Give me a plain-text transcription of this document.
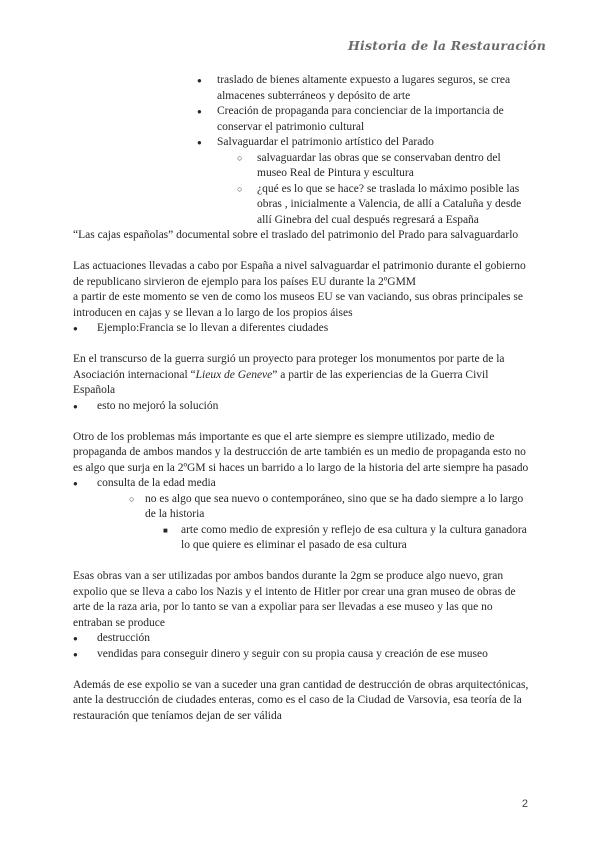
Historia de la Restauración
● traslado de bienes altamente expuesto a lugares seguros, se crea almacenes subterráneos y depósito de arte
● Creación de propaganda para concienciar de la importancia de conservar el patrimonio cultural
● Salvaguardar el patrimonio artístico del Parado
○ salvaguardar las obras que se conservaban dentro del museo Real de Pintura y escultura
○ ¿qué es lo que se hace? se traslada lo máximo posible las obras , inicialmente a Valencia, de allí a Cataluña y desde allí Ginebra del cual después regresará a España

“Las cajas españolas” documental sobre el traslado del patrimonio del Prado para salvaguardarlo

Las actuaciones llevadas a cabo por España a nivel salvaguardar el patrimonio durante el gobierno de republicano sirvieron de ejemplo para los países EU durante la 2ºGMM

a partir de este momento se ven de como los museos EU se van vaciando, sus obras principales se introducen en cajas y se llevan a lo largo de los propios áises

● Ejemplo:Francia se lo llevan a diferentes ciudades

En el transcurso de la guerra surgió un proyecto para proteger los monumentos por parte de la Asociación internacional “Lieux de Geneve” a partir de las experiencias de la Guerra Civil Española

● esto no mejoró la solución

Otro de los problemas más importante es que el arte siempre es siempre utilizado, medio de propaganda de ambos mandos y la destrucción de arte también es un medio de propaganda esto no es algo que surja en la 2ºGM si haces un barrido a lo largo de la historia del arte siempre ha pasado

● consulta de la edad media
○ no es algo que sea nuevo o contemporáneo, sino que se ha dado siempre a lo largo de la historia
■ arte como medio de expresión y reflejo de esa cultura y la cultura ganadora lo que quiere es eliminar el pasado de esa cultura

Esas obras van a ser utilizadas por ambos bandos durante la 2gm se produce algo nuevo, gran expolio que se lleva a cabo los Nazis y el intento de Hitler por crear una gran museo de obras de arte de la raza aria, por lo tanto se van a expoliar para ser llevadas a ese museo y las que no entraban se produce

● destrucción
● vendidas para conseguir dinero y seguir con su propia causa y creación de ese museo

Además de ese expolio se van a suceder una gran cantidad de destrucción de obras arquitectónicas, ante la destrucción de ciudades enteras, como es el caso de la Ciudad de Varsovia, esa teoría de la restauración que teníamos dejan de ser válida

2
